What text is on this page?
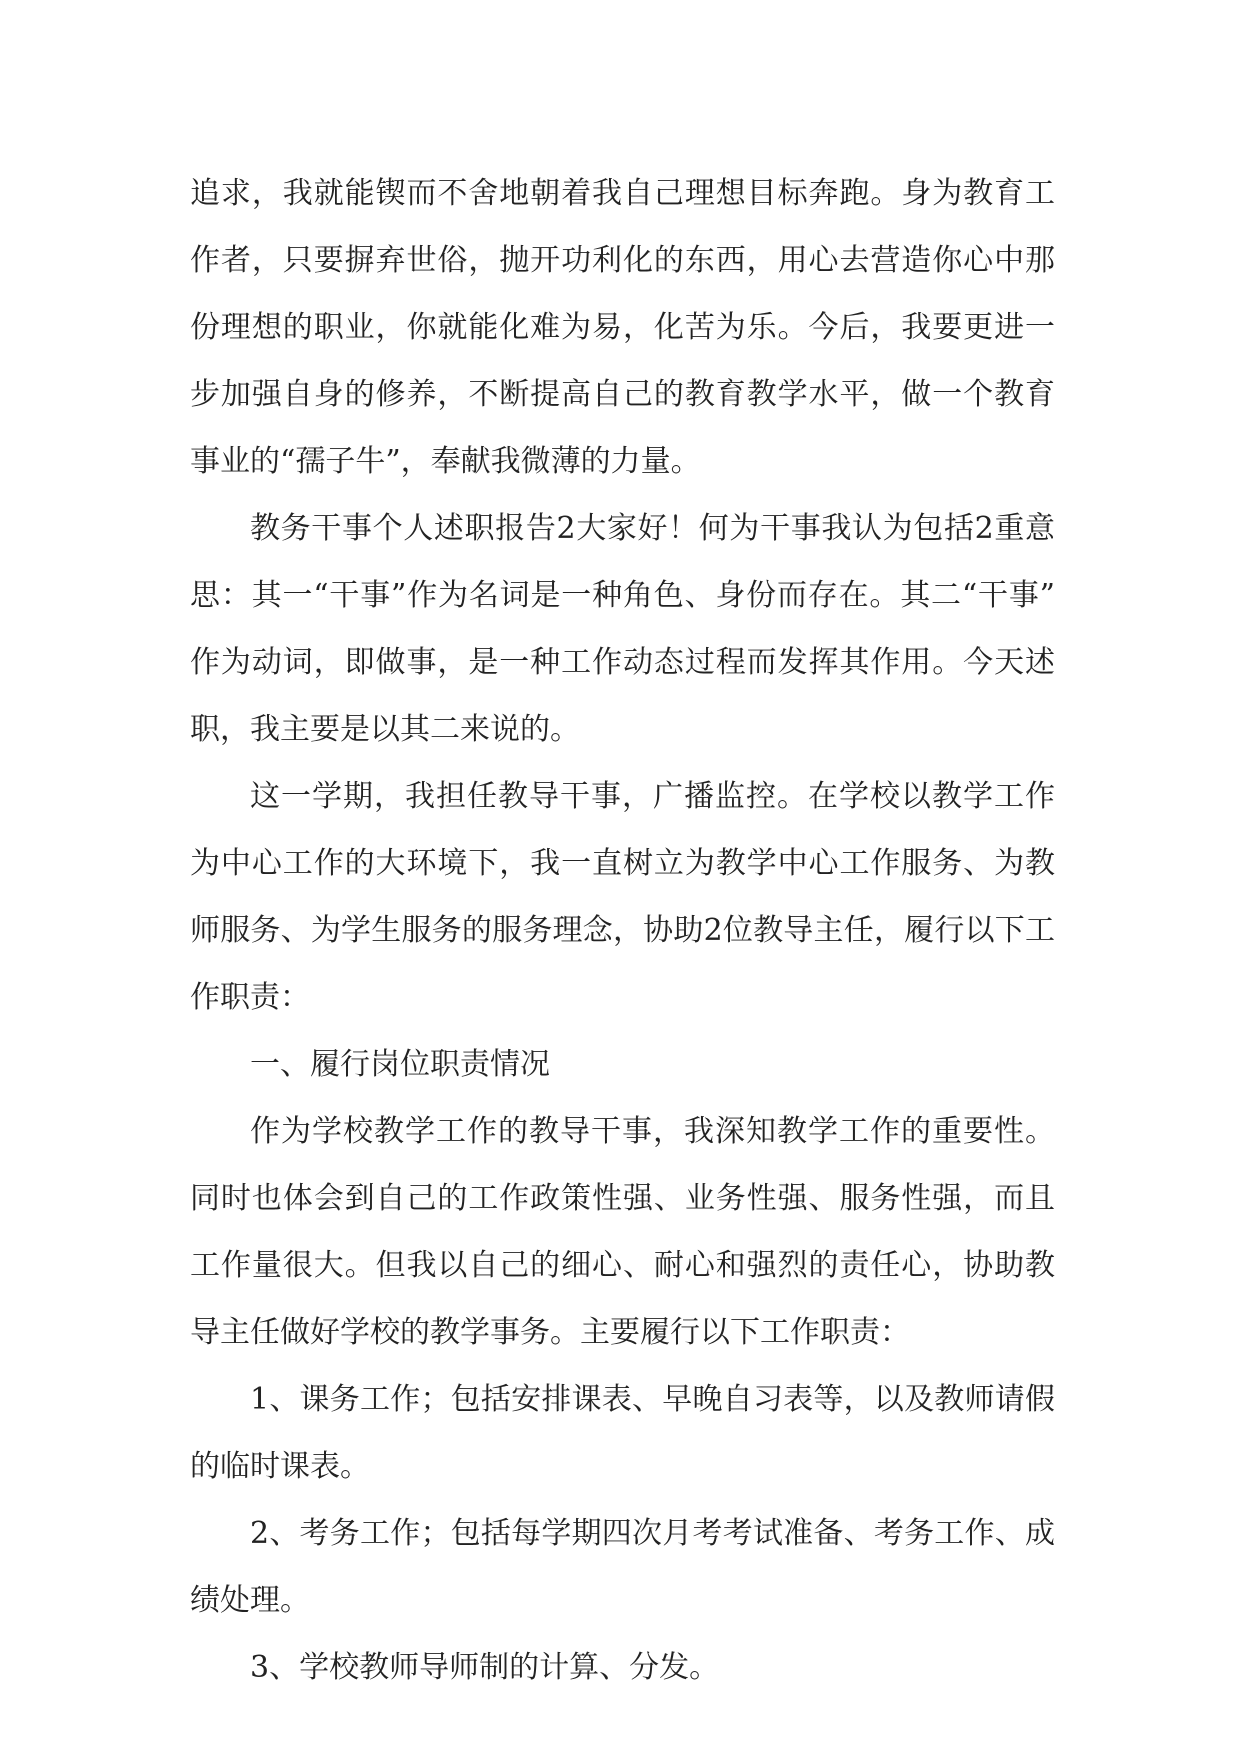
追求，我就能锲而不舍地朝着我自己理想目标奔跑。身为教育工作者，只要摒弃世俗，抛开功利化的东西，用心去营造你心中那份理想的职业，你就能化难为易，化苦为乐。今后，我要更进一步加强自身的修养，不断提高自己的教育教学水平，做一个教育事业的“孺子牛”，奉献我微薄的力量。

教务干事个人述职报告2大家好！何为干事我认为包括2重意思：其一“干事”作为名词是一种角色、身份而存在。其二“干事”作为动词，即做事，是一种工作动态过程而发挥其作用。今天述职，我主要是以其二来说的。

这一学期，我担任教导干事，广播监控。在学校以教学工作为中心工作的大环境下，我一直树立为教学中心工作服务、为教师服务、为学生服务的服务理念，协助2位教导主任，履行以下工作职责：

一、履行岗位职责情况

作为学校教学工作的教导干事，我深知教学工作的重要性。同时也体会到自己的工作政策性强、业务性强、服务性强，而且工作量很大。但我以自己的细心、耐心和强烈的责任心，协助教导主任做好学校的教学事务。主要履行以下工作职责：

1、课务工作；包括安排课表、早晚自习表等，以及教师请假的临时课表。

2、考务工作；包括每学期四次月考考试准备、考务工作、成绩处理。

3、学校教师导师制的计算、分发。
